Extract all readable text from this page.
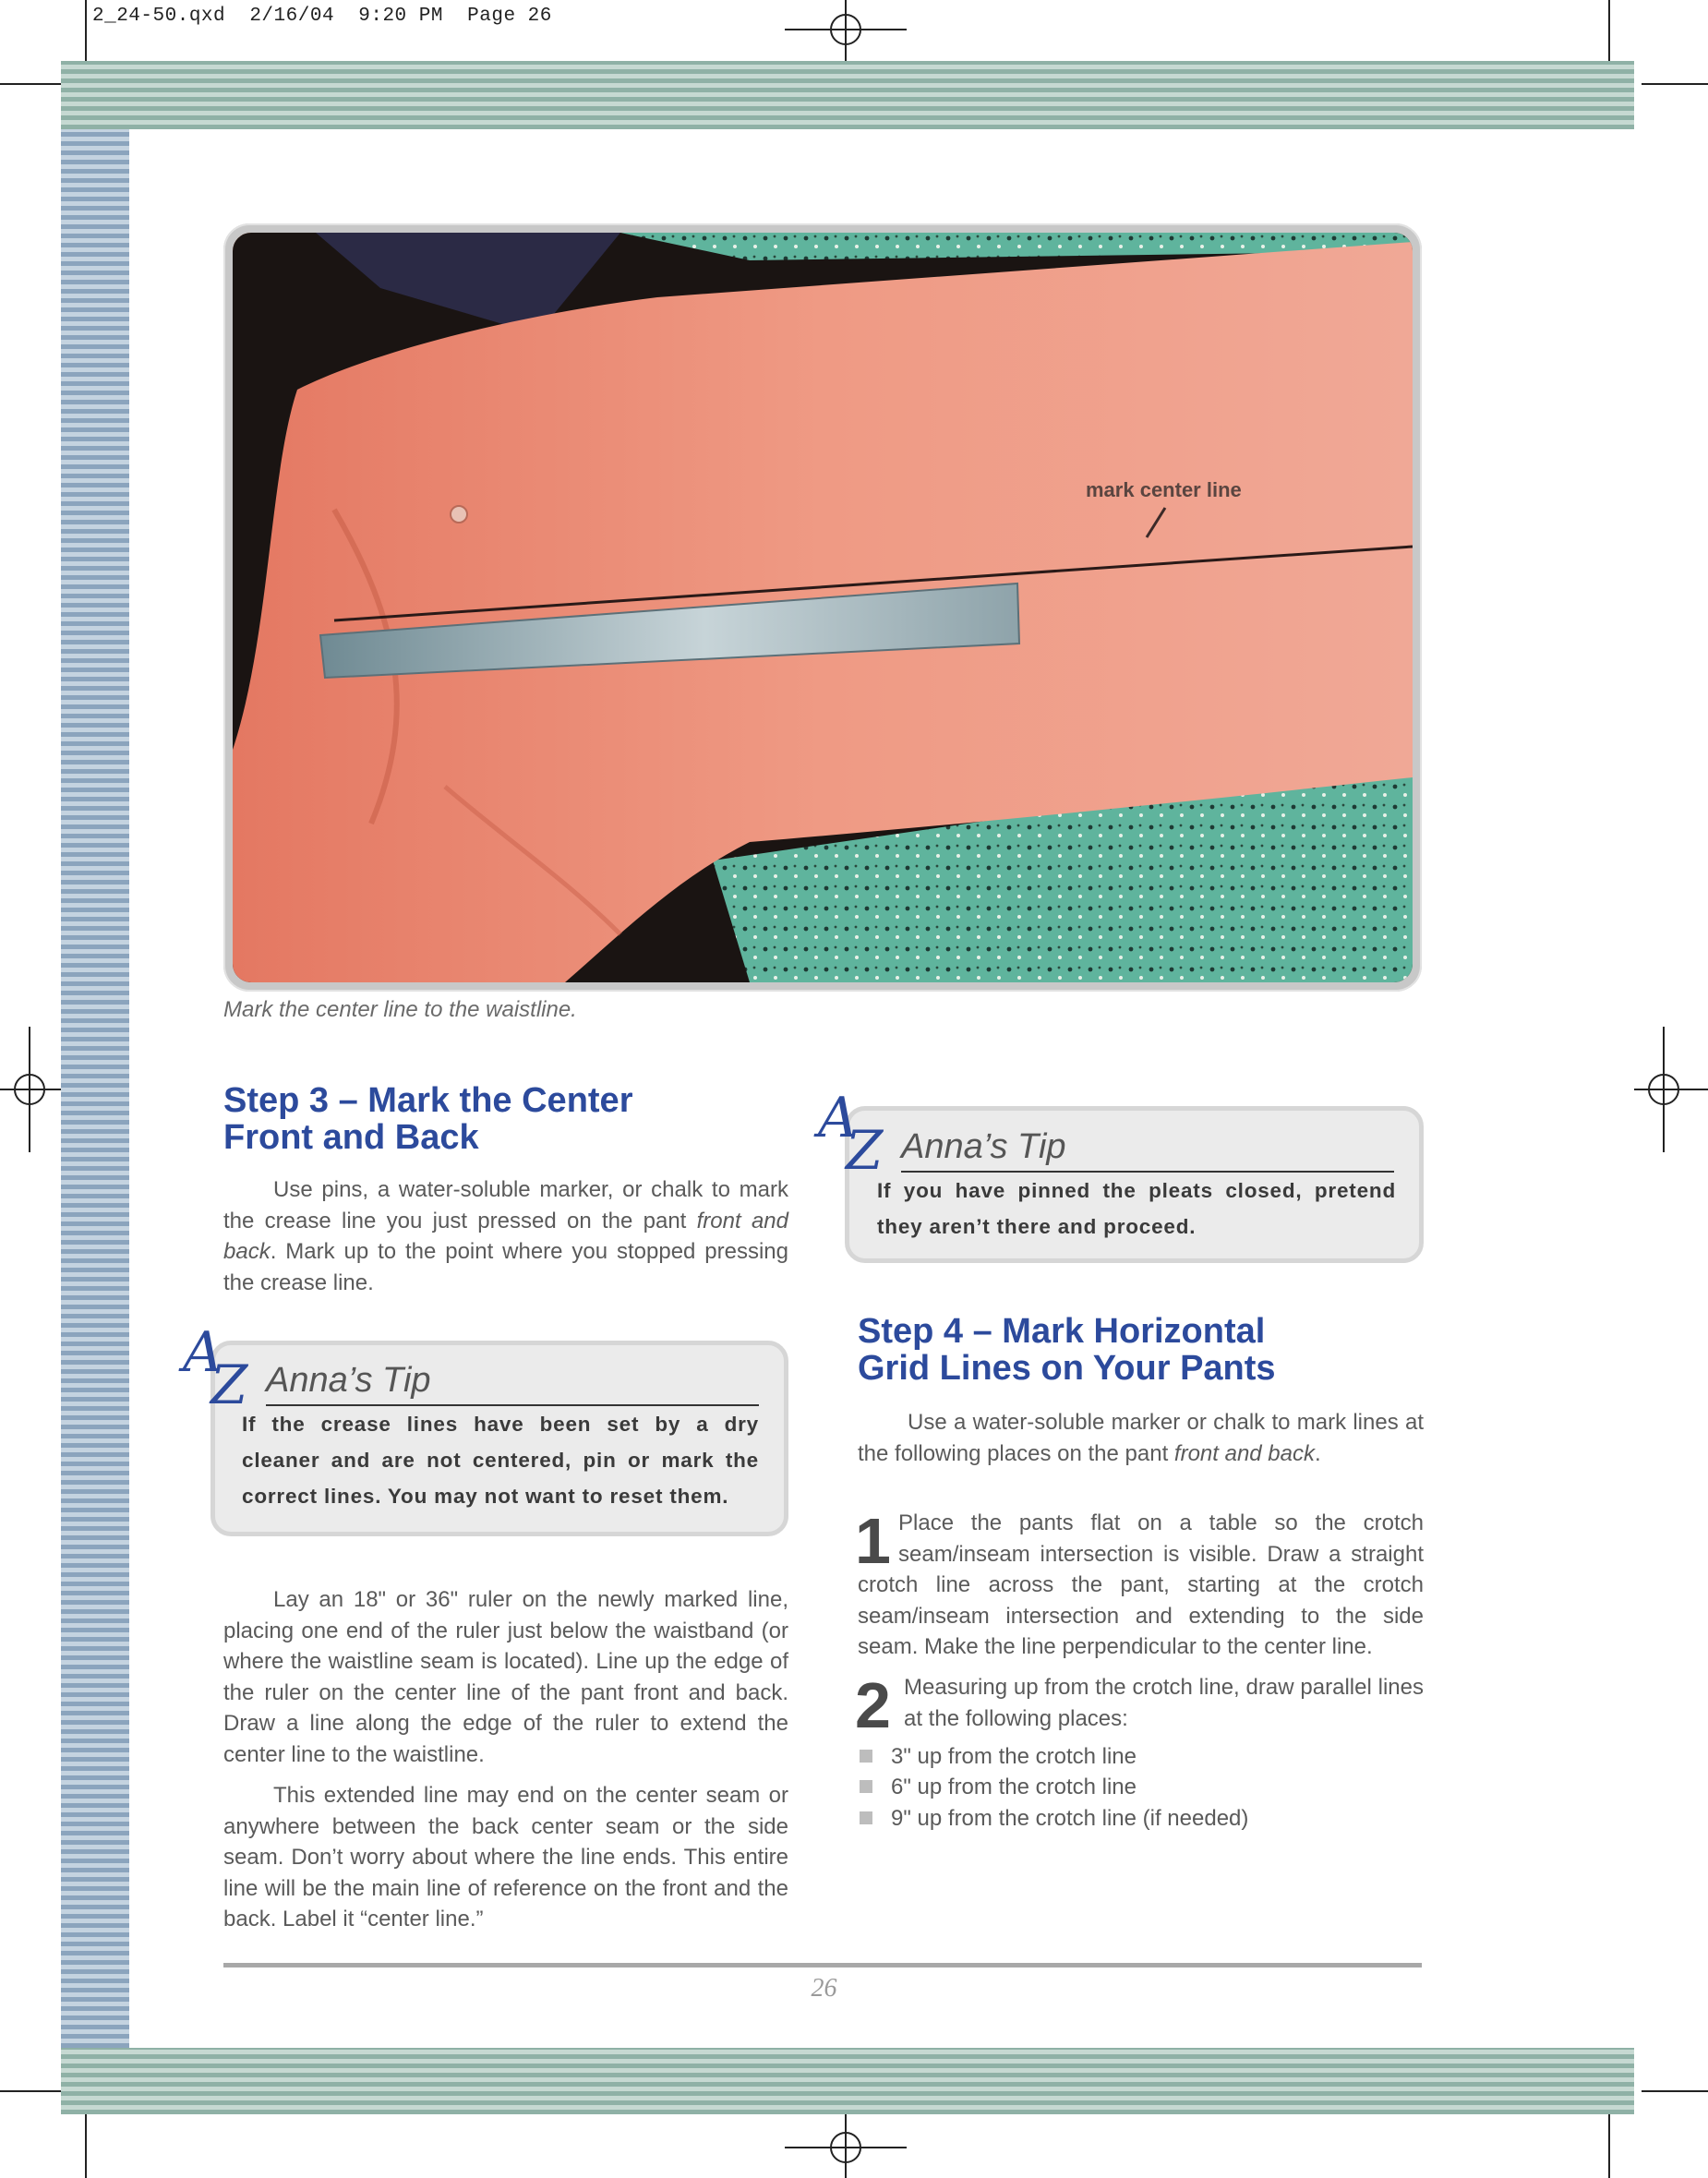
2_24-50.qxd  2/16/04  9:20 PM  Page 26
mark center line
Mark the center line to the waistline.
Step 3 – Mark the Center
Front and Back
Use pins, a water-soluble marker, or chalk to mark the crease line you just pressed on the pant front and back. Mark up to the point where you stopped pressing the crease line.
A
Z Anna’s Tip
If the crease lines have been set by a dry cleaner and are not centered, pin or mark the correct lines. You may not want to reset them.
Lay an 18" or 36" ruler on the newly marked line, placing one end of the ruler just below the waistband (or where the waistline seam is located). Line up the edge of the ruler on the center line of the pant front and back. Draw a line along the edge of the ruler to extend the center line to the waistline.
This extended line may end on the center seam or anywhere between the back center seam or the side seam. Don’t worry about where the line ends. This entire line will be the main line of reference on the front and the back. Label it “center line.”
A
Z Anna’s Tip
If you have pinned the pleats closed, pretend they aren’t there and proceed.
Step 4 – Mark Horizontal
Grid Lines on Your Pants
Use a water-soluble marker or chalk to mark lines at the following places on the pant front and back.
1 Place the pants flat on a table so the crotch seam/inseam intersection is visible. Draw a straight crotch line across the pant, starting at the crotch seam/inseam intersection and extending to the side seam. Make the line perpendicular to the center line.
2 Measuring up from the crotch line, draw parallel lines at the following places:
3" up from the crotch line
6" up from the crotch line
9" up from the crotch line (if needed)
26
